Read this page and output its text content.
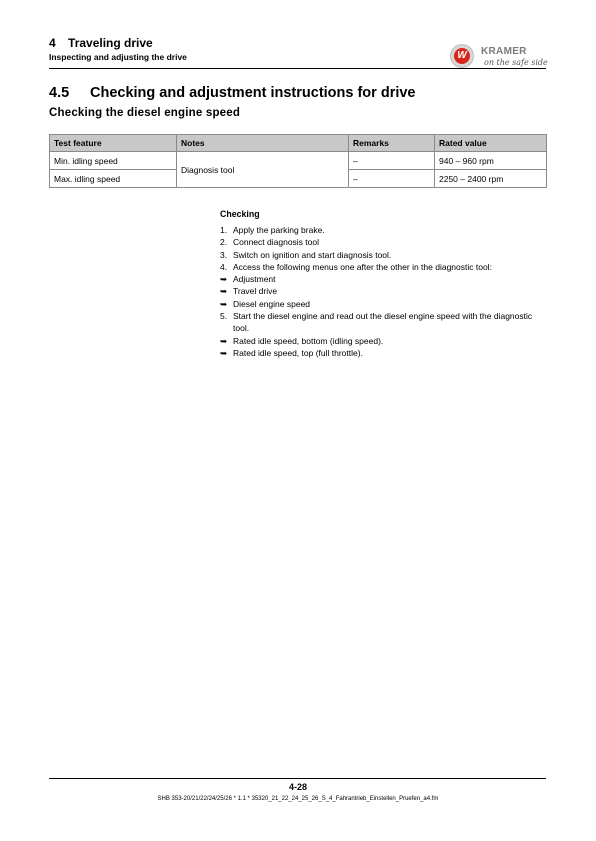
4 Traveling drive
Inspecting and adjusting the drive	W	KRAMER
on the safe side
4.5 Checking and adjustment instructions for drive
Checking the diesel engine speed
Test feature	Notes	Remarks	Rated value
Min. idling speed	Diagnosis tool	–	940 – 960 rpm
Max. idling speed		–	2250 – 2400 rpm
Checking
1. Apply the parking brake.
2. Connect diagnosis tool
3. Switch on ignition and start diagnosis tool.
4. Access the following menus one after the other in the diagnostic tool:
➥ Adjustment
➥ Travel drive
➥ Diesel engine speed
5. Start the diesel engine and read out the diesel engine speed with the diagnostic tool.
➥ Rated idle speed, bottom (idling speed).
➥ Rated idle speed, top (full throttle).
4-28
SHB 353-20/21/22/24/25/26 * 1.1 * 35320_21_22_24_25_26_S_4_Fahrantrieb_Einstellen_Pruefen_a4.fm
